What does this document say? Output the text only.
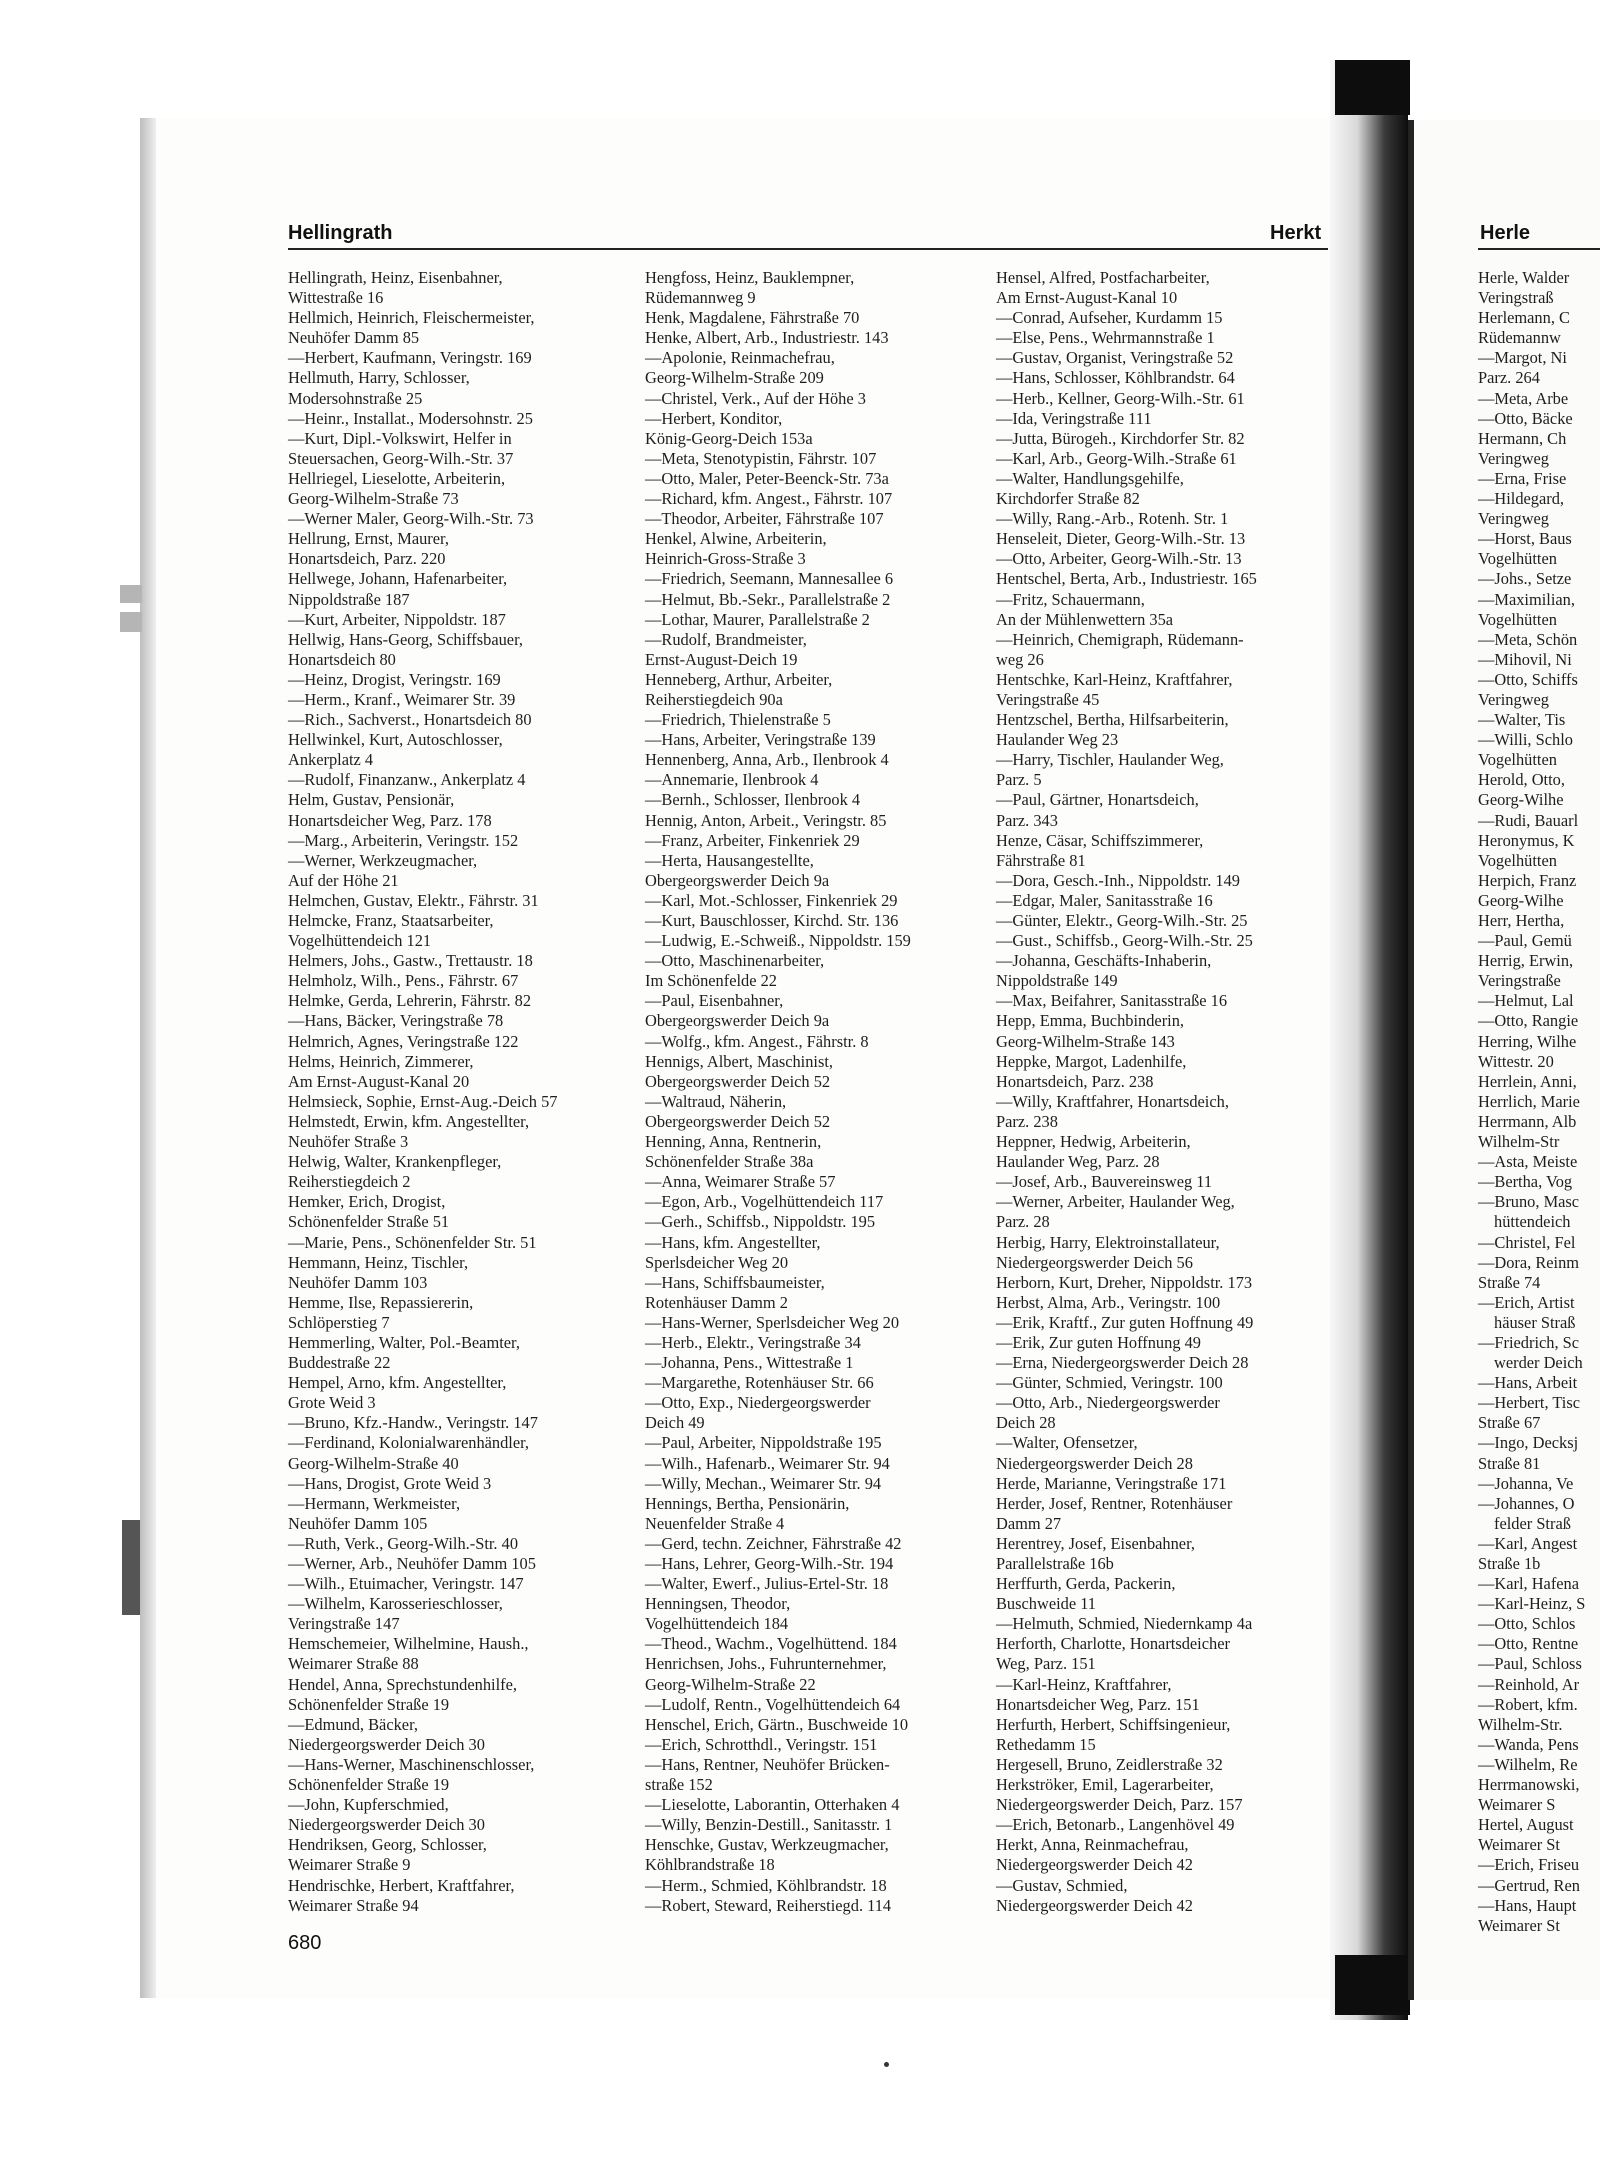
Hellingrath	Herkt	Herle
Hellingrath, Heinz, Eisenbahner,
Wittestraße 16
Hellmich, Heinrich, Fleischermeister,
Neuhöfer Damm 85
—Herbert, Kaufmann, Veringstr. 169
Hellmuth, Harry, Schlosser,
Modersohnstraße 25
—Heinr., Installat., Modersohnstr. 25
—Kurt, Dipl.-Volkswirt, Helfer in
Steuersachen, Georg-Wilh.-Str. 37
Hellriegel, Lieselotte, Arbeiterin,
Georg-Wilhelm-Straße 73
—Werner Maler, Georg-Wilh.-Str. 73
Hellrung, Ernst, Maurer,
Honartsdeich, Parz. 220
Hellwege, Johann, Hafenarbeiter,
Nippoldstraße 187
—Kurt, Arbeiter, Nippoldstr. 187
Hellwig, Hans-Georg, Schiffsbauer,
Honartsdeich 80
—Heinz, Drogist, Veringstr. 169
—Herm., Kranf., Weimarer Str. 39
—Rich., Sachverst., Honartsdeich 80
Hellwinkel, Kurt, Autoschlosser,
Ankerplatz 4
—Rudolf, Finanzanw., Ankerplatz 4
Helm, Gustav, Pensionär,
Honartsdeicher Weg, Parz. 178
—Marg., Arbeiterin, Veringstr. 152
—Werner, Werkzeugmacher,
Auf der Höhe 21
Helmchen, Gustav, Elektr., Fährstr. 31
Helmcke, Franz, Staatsarbeiter,
Vogelhüttendeich 121
Helmers, Johs., Gastw., Trettaustr. 18
Helmholz, Wilh., Pens., Fährstr. 67
Helmke, Gerda, Lehrerin, Fährstr. 82
—Hans, Bäcker, Veringstraße 78
Helmrich, Agnes, Veringstraße 122
Helms, Heinrich, Zimmerer,
Am Ernst-August-Kanal 20
Helmsieck, Sophie, Ernst-Aug.-Deich 57
Helmstedt, Erwin, kfm. Angestellter,
Neuhöfer Straße 3
Helwig, Walter, Krankenpfleger,
Reiherstiegdeich 2
Hemker, Erich, Drogist,
Schönenfelder Straße 51
—Marie, Pens., Schönenfelder Str. 51
Hemmann, Heinz, Tischler,
Neuhöfer Damm 103
Hemme, Ilse, Repassiererin,
Schlöperstieg 7
Hemmerling, Walter, Pol.-Beamter,
Buddestraße 22
Hempel, Arno, kfm. Angestellter,
Grote Weid 3
—Bruno, Kfz.-Handw., Veringstr. 147
—Ferdinand, Kolonialwarenhändler,
Georg-Wilhelm-Straße 40
—Hans, Drogist, Grote Weid 3
—Hermann, Werkmeister,
Neuhöfer Damm 105
—Ruth, Verk., Georg-Wilh.-Str. 40
—Werner, Arb., Neuhöfer Damm 105
—Wilh., Etuimacher, Veringstr. 147
—Wilhelm, Karosserieschlosser,
Veringstraße 147
Hemschemeier, Wilhelmine, Haush.,
Weimarer Straße 88
Hendel, Anna, Sprechstundenhilfe,
Schönenfelder Straße 19
—Edmund, Bäcker,
Niedergeorgswerder Deich 30
—Hans-Werner, Maschinenschlosser,
Schönenfelder Straße 19
—John, Kupferschmied,
Niedergeorgswerder Deich 30
Hendriksen, Georg, Schlosser,
Weimarer Straße 9
Hendrischke, Herbert, Kraftfahrer,
Weimarer Straße 94
Hengfoss, Heinz, Bauklempner,
Rüdemannweg 9
Henk, Magdalene, Fährstraße 70
Henke, Albert, Arb., Industriestr. 143
—Apolonie, Reinmachefrau,
Georg-Wilhelm-Straße 209
—Christel, Verk., Auf der Höhe 3
—Herbert, Konditor,
König-Georg-Deich 153a
—Meta, Stenotypistin, Fährstr. 107
—Otto, Maler, Peter-Beenck-Str. 73a
—Richard, kfm. Angest., Fährstr. 107
—Theodor, Arbeiter, Fährstraße 107
Henkel, Alwine, Arbeiterin,
Heinrich-Gross-Straße 3
—Friedrich, Seemann, Mannesallee 6
—Helmut, Bb.-Sekr., Parallelstraße 2
—Lothar, Maurer, Parallelstraße 2
—Rudolf, Brandmeister,
Ernst-August-Deich 19
Henneberg, Arthur, Arbeiter,
Reiherstiegdeich 90a
—Friedrich, Thielenstraße 5
—Hans, Arbeiter, Veringstraße 139
Hennenberg, Anna, Arb., Ilenbrook 4
—Annemarie, Ilenbrook 4
—Bernh., Schlosser, Ilenbrook 4
Hennig, Anton, Arbeit., Veringstr. 85
—Franz, Arbeiter, Finkenriek 29
—Herta, Hausangestellte,
Obergeorgswerder Deich 9a
—Karl, Mot.-Schlosser, Finkenriek 29
—Kurt, Bauschlosser, Kirchd. Str. 136
—Ludwig, E.-Schweiß., Nippoldstr. 159
—Otto, Maschinenarbeiter,
Im Schönenfelde 22
—Paul, Eisenbahner,
Obergeorgswerder Deich 9a
—Wolfg., kfm. Angest., Fährstr. 8
Hennigs, Albert, Maschinist,
Obergeorgswerder Deich 52
—Waltraud, Näherin,
Obergeorgswerder Deich 52
Henning, Anna, Rentnerin,
Schönenfelder Straße 38a
—Anna, Weimarer Straße 57
—Egon, Arb., Vogelhüttendeich 117
—Gerh., Schiffsb., Nippoldstr. 195
—Hans, kfm. Angestellter,
Sperlsdeicher Weg 20
—Hans, Schiffsbaumeister,
Rotenhäuser Damm 2
—Hans-Werner, Sperlsdeicher Weg 20
—Herb., Elektr., Veringstraße 34
—Johanna, Pens., Wittestraße 1
—Margarethe, Rotenhäuser Str. 66
—Otto, Exp., Niedergeorgswerder
Deich 49
—Paul, Arbeiter, Nippoldstraße 195
—Wilh., Hafenarb., Weimarer Str. 94
—Willy, Mechan., Weimarer Str. 94
Hennings, Bertha, Pensionärin,
Neuenfelder Straße 4
—Gerd, techn. Zeichner, Fährstraße 42
—Hans, Lehrer, Georg-Wilh.-Str. 194
—Walter, Ewerf., Julius-Ertel-Str. 18
Henningsen, Theodor,
Vogelhüttendeich 184
—Theod., Wachm., Vogelhüttend. 184
Henrichsen, Johs., Fuhrunternehmer,
Georg-Wilhelm-Straße 22
—Ludolf, Rentn., Vogelhüttendeich 64
Henschel, Erich, Gärtn., Buschweide 10
—Erich, Schrotthdl., Veringstr. 151
—Hans, Rentner, Neuhöfer Brücken-
straße 152
—Lieselotte, Laborantin, Otterhaken 4
—Willy, Benzin-Destill., Sanitasstr. 1
Henschke, Gustav, Werkzeugmacher,
Köhlbrandstraße 18
—Herm., Schmied, Köhlbrandstr. 18
—Robert, Steward, Reiherstiegd. 114
Hensel, Alfred, Postfacharbeiter,
Am Ernst-August-Kanal 10
—Conrad, Aufseher, Kurdamm 15
—Else, Pens., Wehrmannstraße 1
—Gustav, Organist, Veringstraße 52
—Hans, Schlosser, Köhlbrandstr. 64
—Herb., Kellner, Georg-Wilh.-Str. 61
—Ida, Veringstraße 111
—Jutta, Bürogeh., Kirchdorfer Str. 82
—Karl, Arb., Georg-Wilh.-Straße 61
—Walter, Handlungsgehilfe,
Kirchdorfer Straße 82
—Willy, Rang.-Arb., Rotenh. Str. 1
Henseleit, Dieter, Georg-Wilh.-Str. 13
—Otto, Arbeiter, Georg-Wilh.-Str. 13
Hentschel, Berta, Arb., Industriestr. 165
—Fritz, Schauermann,
An der Mühlenwettern 35a
—Heinrich, Chemigraph, Rüdemann-
weg 26
Hentschke, Karl-Heinz, Kraftfahrer,
Veringstraße 45
Hentzschel, Bertha, Hilfsarbeiterin,
Haulander Weg 23
—Harry, Tischler, Haulander Weg,
Parz. 5
—Paul, Gärtner, Honartsdeich,
Parz. 343
Henze, Cäsar, Schiffszimmerer,
Fährstraße 81
—Dora, Gesch.-Inh., Nippoldstr. 149
—Edgar, Maler, Sanitasstraße 16
—Günter, Elektr., Georg-Wilh.-Str. 25
—Gust., Schiffsb., Georg-Wilh.-Str. 25
—Johanna, Geschäfts-Inhaberin,
Nippoldstraße 149
—Max, Beifahrer, Sanitasstraße 16
Hepp, Emma, Buchbinderin,
Georg-Wilhelm-Straße 143
Heppke, Margot, Ladenhilfe,
Honartsdeich, Parz. 238
—Willy, Kraftfahrer, Honartsdeich,
Parz. 238
Heppner, Hedwig, Arbeiterin,
Haulander Weg, Parz. 28
—Josef, Arb., Bauvereinsweg 11
—Werner, Arbeiter, Haulander Weg,
Parz. 28
Herbig, Harry, Elektroinstallateur,
Niedergeorgswerder Deich 56
Herborn, Kurt, Dreher, Nippoldstr. 173
Herbst, Alma, Arb., Veringstr. 100
—Erik, Kraftf., Zur guten Hoffnung 49
—Erik, Zur guten Hoffnung 49
—Erna, Niedergeorgswerder Deich 28
—Günter, Schmied, Veringstr. 100
—Otto, Arb., Niedergeorgswerder
Deich 28
—Walter, Ofensetzer,
Niedergeorgswerder Deich 28
Herde, Marianne, Veringstraße 171
Herder, Josef, Rentner, Rotenhäuser
Damm 27
Herentrey, Josef, Eisenbahner,
Parallelstraße 16b
Herffurth, Gerda, Packerin,
Buschweide 11
—Helmuth, Schmied, Niedernkamp 4a
Herforth, Charlotte, Honartsdeicher
Weg, Parz. 151
—Karl-Heinz, Kraftfahrer,
Honartsdeicher Weg, Parz. 151
Herfurth, Herbert, Schiffsingenieur,
Rethedamm 15
Hergesell, Bruno, Zeidlerstraße 32
Herkströker, Emil, Lagerarbeiter,
Niedergeorgswerder Deich, Parz. 157
—Erich, Betonarb., Langenhövel 49
Herkt, Anna, Reinmachefrau,
Niedergeorgswerder Deich 42
—Gustav, Schmied,
Niedergeorgswerder Deich 42
Herle, Walder
Veringstraß
Herlemann, C
Rüdemannw
—Margot, Ni
Parz. 264
—Meta, Arbe
—Otto, Bäcke
Hermann, Ch
Veringweg
—Erna, Frise
—Hildegard,
Veringweg
—Horst, Baus
Vogelhütten
—Johs., Setze
—Maximilian,
Vogelhütten
—Meta, Schön
—Mihovil, Ni
—Otto, Schiffs
Veringweg
—Walter, Tis
—Willi, Schlo
Vogelhütten
Herold, Otto,
Georg-Wilhe
—Rudi, Bauarl
Heronymus, K
Vogelhütten
Herpich, Franz
Georg-Wilhe
Herr, Hertha,
—Paul, Gemü
Herrig, Erwin,
Veringstraße
—Helmut, Lal
—Otto, Rangie
Herring, Wilhe
Wittestr. 20
Herrlein, Anni,
Herrlich, Marie
Herrmann, Alb
Wilhelm-Str
—Asta, Meiste
—Bertha, Vog
—Bruno, Masc
hüttendeich
—Christel, Fel
—Dora, Reinm
Straße 74
—Erich, Artist
häuser Straß
—Friedrich, Sc
werder Deich
—Hans, Arbeit
—Herbert, Tisc
Straße 67
—Ingo, Decksj
Straße 81
—Johanna, Ve
—Johannes, O
felder Straß
—Karl, Angest
Straße 1b
—Karl, Hafena
—Karl-Heinz, S
—Otto, Schlos
—Otto, Rentne
—Paul, Schloss
—Reinhold, Ar
—Robert, kfm.
Wilhelm-Str.
—Wanda, Pens
—Wilhelm, Re
Herrmanowski,
Weimarer S
Hertel, August
Weimarer St
—Erich, Friseu
—Gertrud, Ren
—Hans, Haupt
Weimarer St
680
